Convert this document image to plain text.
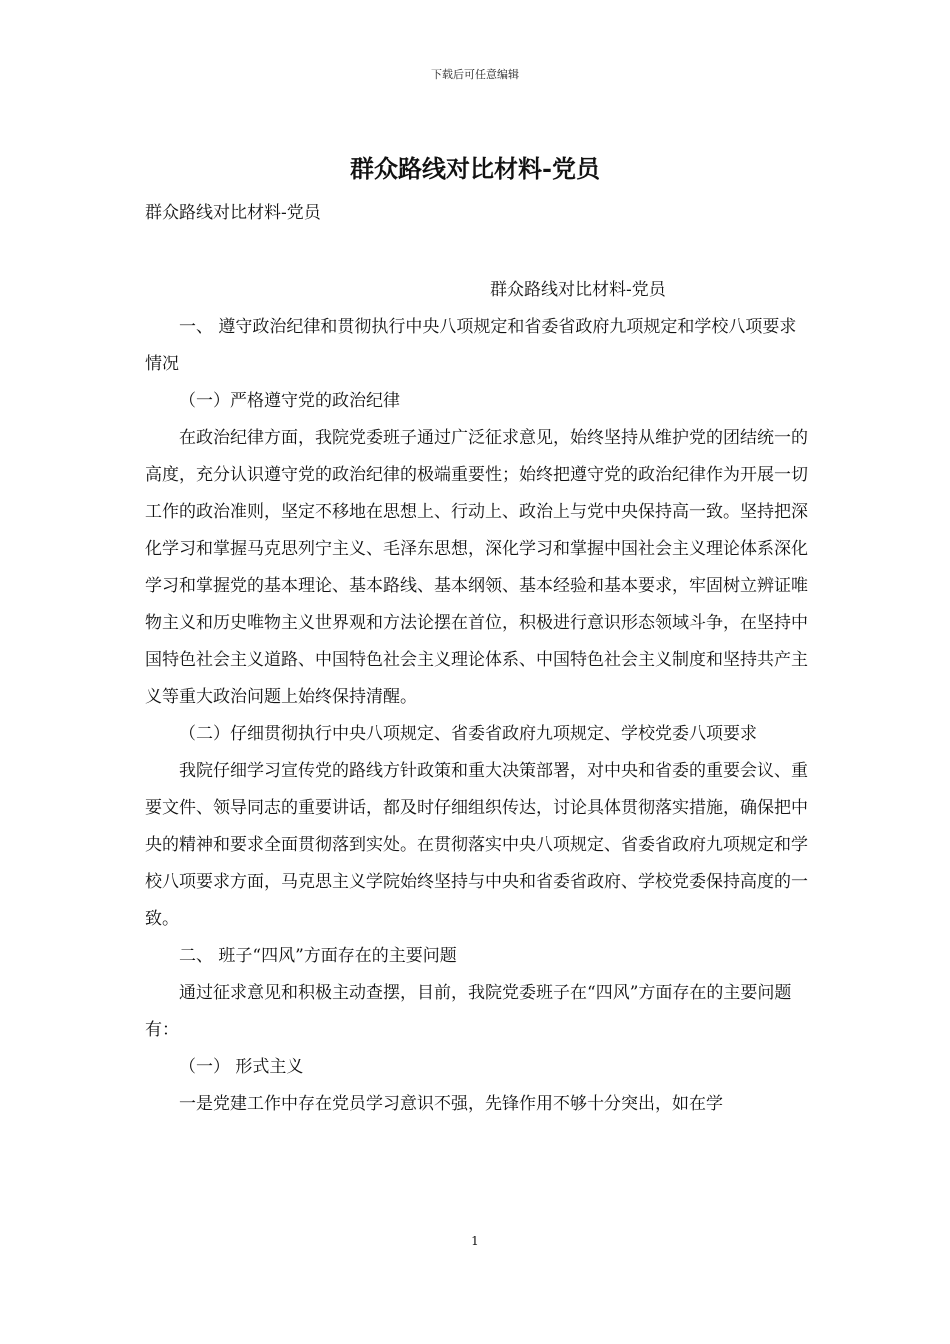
下载后可任意编辑
群众路线对比材料-党员
群众路线对比材料-党员

群众路线对比材料-党员

一、 遵守政治纪律和贯彻执行中央八项规定和省委省政府九项规定和学校八项要求情况

（一）严格遵守党的政治纪律

在政治纪律方面，我院党委班子通过广泛征求意见，始终坚持从维护党的团结统一的高度，充分认识遵守党的政治纪律的极端重要性；始终把遵守党的政治纪律作为开展一切工作的政治准则，坚定不移地在思想上、行动上、政治上与党中央保持高一致。坚持把深化学习和掌握马克思列宁主义、毛泽东思想，深化学习和掌握中国社会主义理论体系深化学习和掌握党的基本理论、基本路线、基本纲领、基本经验和基本要求，牢固树立辨证唯物主义和历史唯物主义世界观和方法论摆在首位，积极进行意识形态领域斗争，在坚持中国特色社会主义道路、中国特色社会主义理论体系、中国特色社会主义制度和坚持共产主义等重大政治问题上始终保持清醒。

（二）仔细贯彻执行中央八项规定、省委省政府九项规定、学校党委八项要求

我院仔细学习宣传党的路线方针政策和重大决策部署，对中央和省委的重要会议、重要文件、领导同志的重要讲话，都及时仔细组织传达，讨论具体贯彻落实措施，确保把中央的精神和要求全面贯彻落到实处。在贯彻落实中央八项规定、省委省政府九项规定和学校八项要求方面，马克思主义学院始终坚持与中央和省委省政府、学校党委保持高度的一致。

二、 班子“四风”方面存在的主要问题

通过征求意见和积极主动查摆，目前，我院党委班子在“四风”方面存在的主要问题有：

（一） 形式主义

一是党建工作中存在党员学习意识不强，先锋作用不够十分突出，如在学

1
